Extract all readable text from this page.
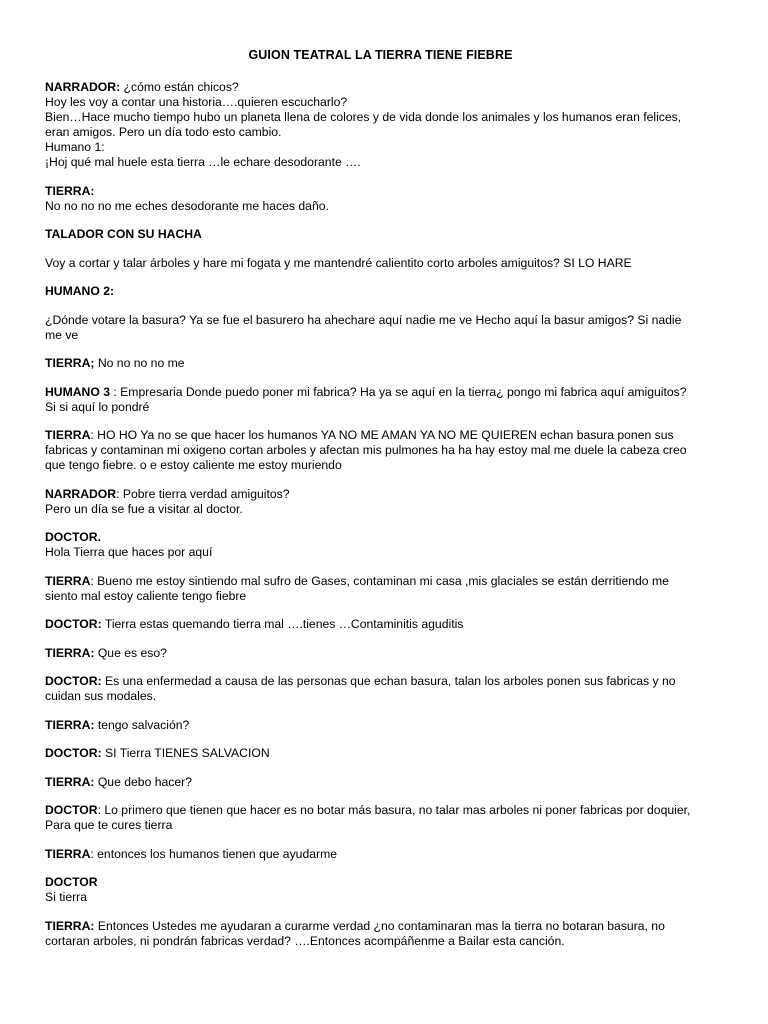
GUION TEATRAL LA TIERRA TIENE FIEBRE
NARRADOR: ¿cómo están chicos?
Hoy les voy a contar una historia….quieren escucharlo?
Bien…Hace mucho tiempo hubo un planeta llena de colores y de vida donde los animales y los humanos eran felices,
eran amigos. Pero un día todo esto cambio.
Humano 1:
¡Hoj qué mal huele esta tierra …le echare desodorante ….
TIERRA:
No no no no me eches desodorante me haces daño.
TALADOR CON SU HACHA
Voy a cortar y talar árboles y hare mi fogata y me mantendré calientito corto arboles amiguitos? SI LO HARE
HUMANO 2:
¿Dónde votare la basura? Ya se fue el basurero ha ahechare aquí nadie me ve Hecho aquí la basur amigos? Si nadie
me ve
TIERRA; No no no no me
HUMANO 3 : Empresaria Donde puedo poner mi fabrica? Ha ya se aquí en la tierra¿ pongo mi fabrica aquí amiguitos?
Si si aquí lo pondré
TIERRA: HO HO Ya no se que hacer los humanos YA NO ME AMAN YA NO ME QUIEREN echan basura ponen sus
fabricas y contaminan mi oxigeno cortan arboles y afectan mis pulmones ha ha hay estoy mal me duele la cabeza creo
que tengo fiebre. o e estoy caliente me estoy muriendo
NARRADOR: Pobre tierra verdad amiguitos?
Pero un día se fue a visitar al doctor.
DOCTOR.
Hola Tierra que haces por aquí
TIERRA: Bueno me estoy sintiendo mal sufro de Gases, contaminan mi casa ,mis glaciales se están derritiendo me
siento mal estoy caliente tengo fiebre
DOCTOR: Tierra estas quemando tierra mal ….tienes …Contaminitis aguditis
TIERRA: Que es eso?
DOCTOR: Es una enfermedad a causa de las personas que echan basura, talan los arboles ponen sus fabricas y no
cuidan sus modales.
TIERRA: tengo salvación?
DOCTOR: SI Tierra TIENES SALVACION
TIERRA: Que debo hacer?
DOCTOR: Lo primero que tienen que hacer es no botar más basura, no talar mas arboles ni poner fabricas por doquier,
Para que te cures tierra
TIERRA: entonces los humanos tienen que ayudarme
DOCTOR
Si tierra
TIERRA: Entonces Ustedes me ayudaran a curarme verdad ¿no contaminaran mas la tierra no botaran basura, no
cortaran arboles, ni pondrán fabricas verdad? ….Entonces acompáñenme a Bailar esta canción.
